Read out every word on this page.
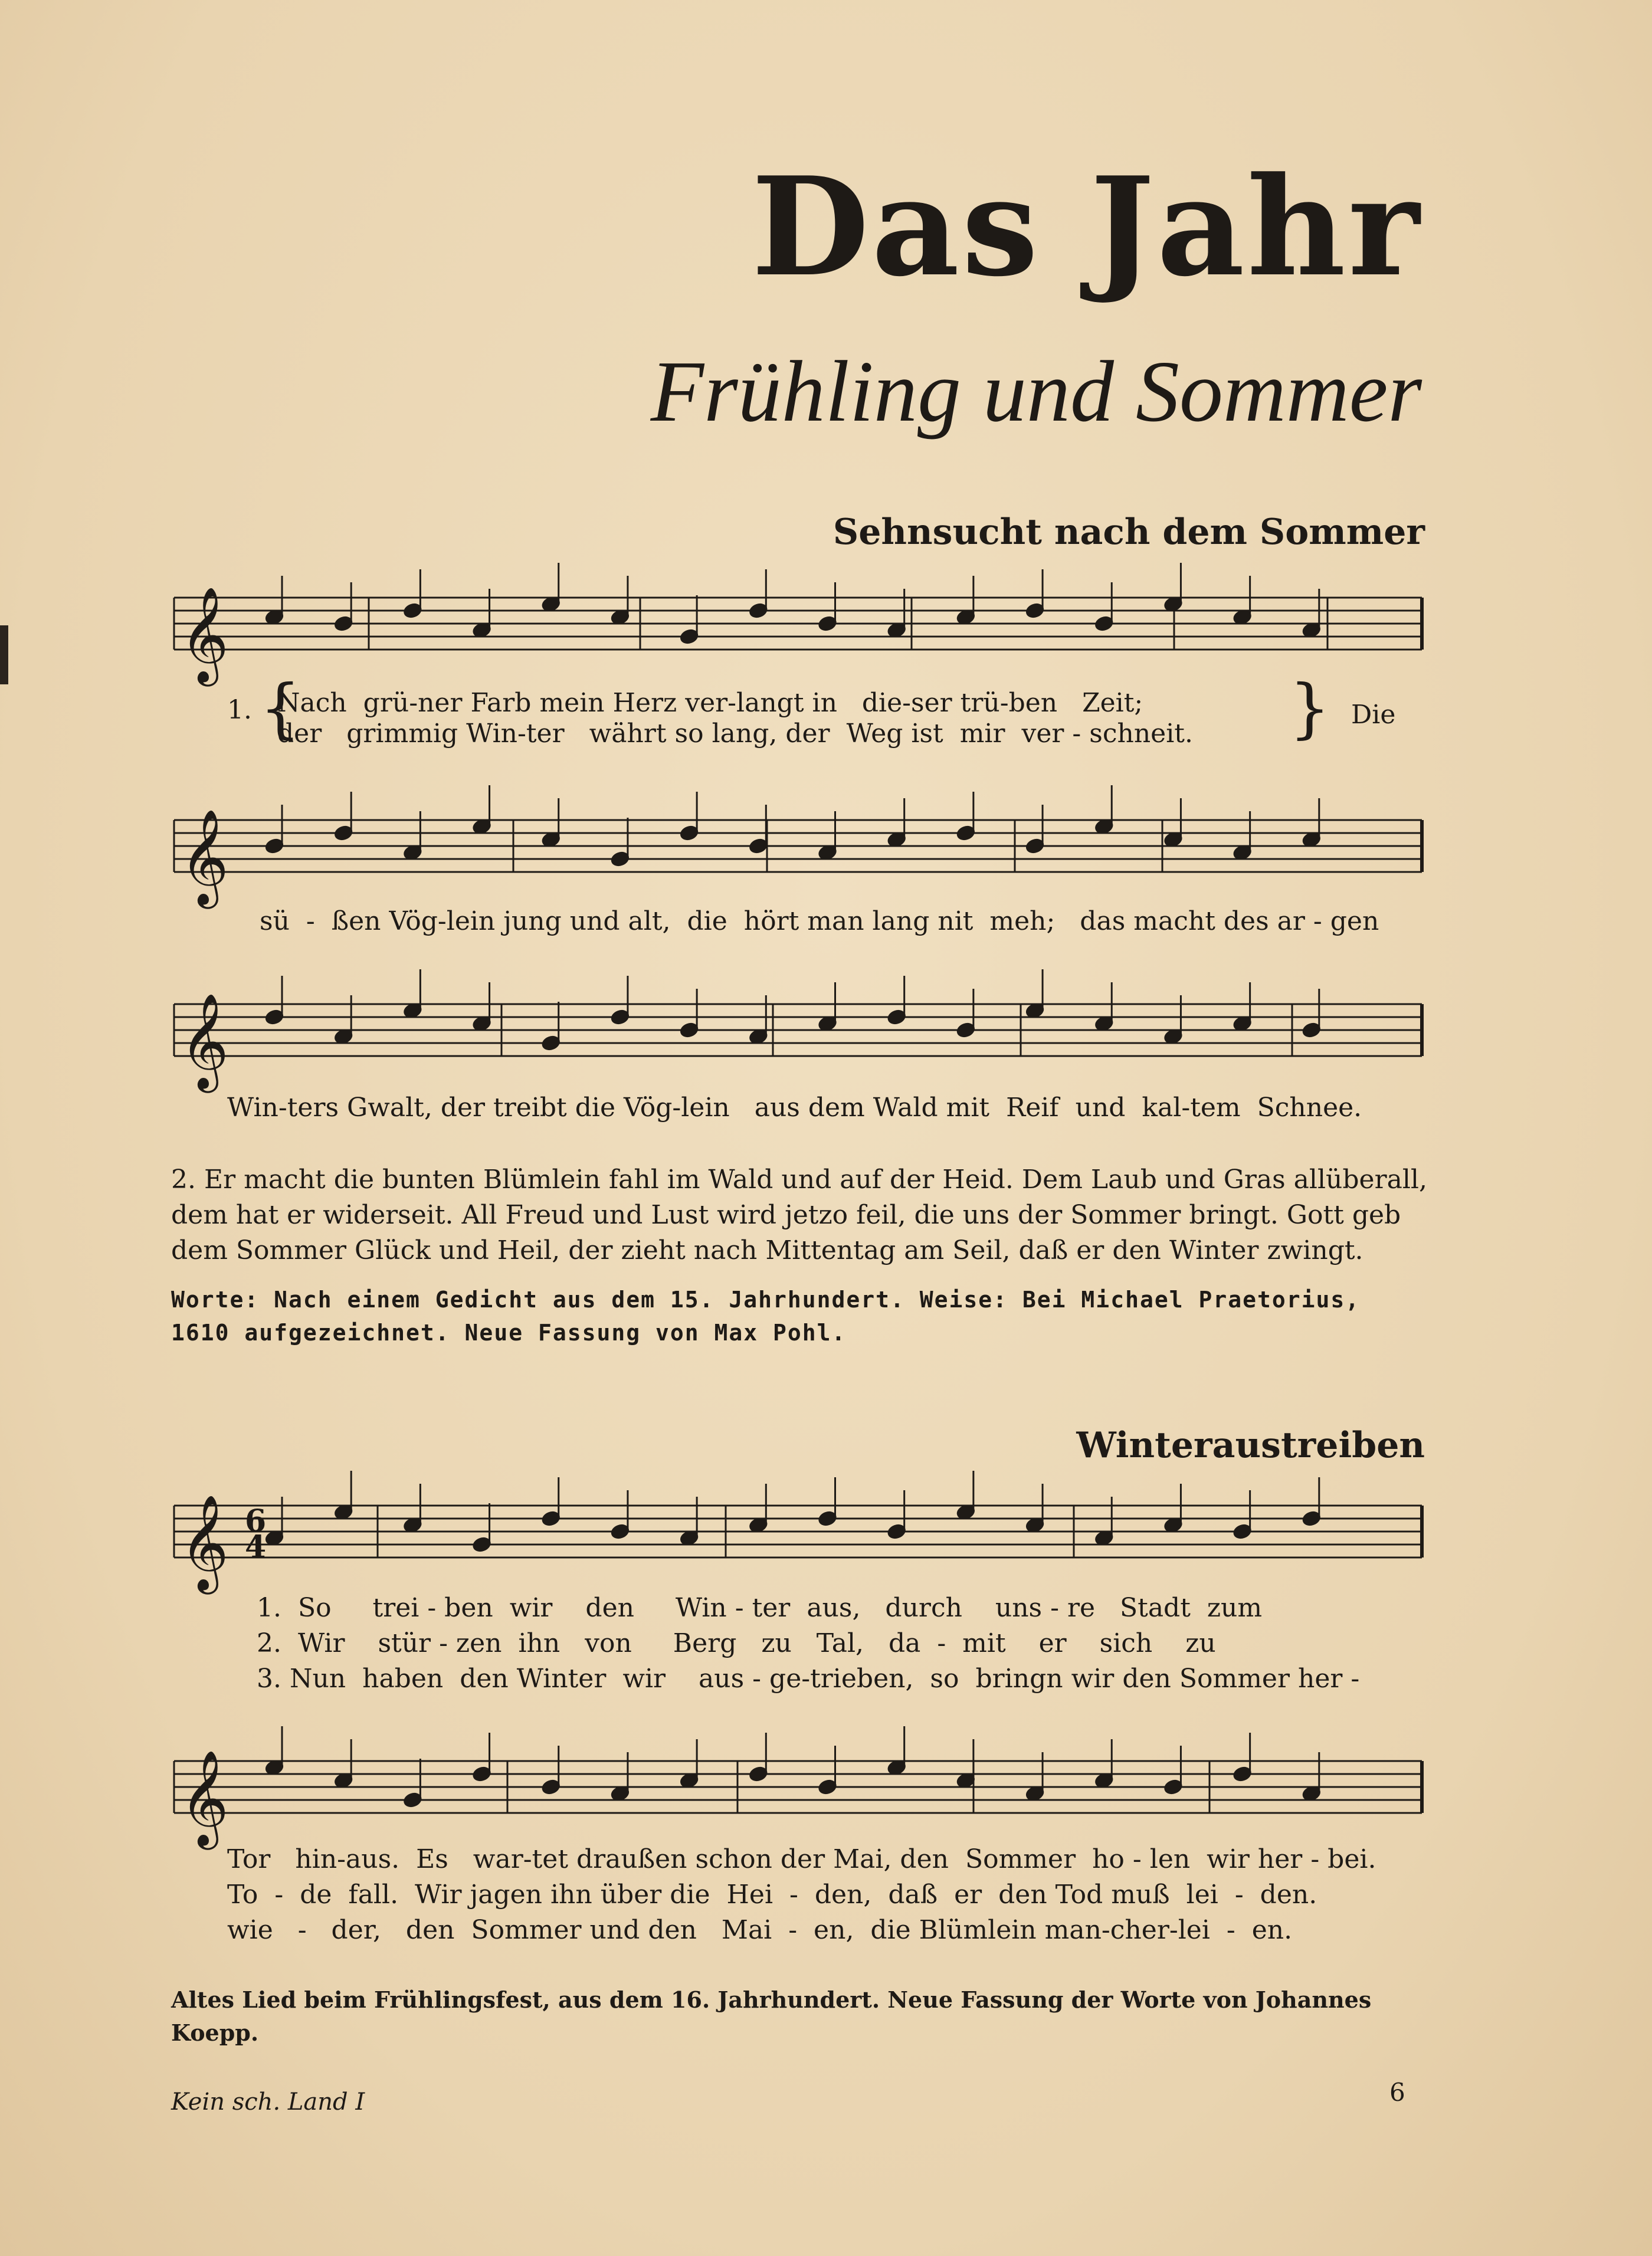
Das Jahr
Frühling und Sommer
Sehnsucht nach dem Sommer
𝄞
𝄞
𝄞
𝄞
𝄞
6
4
1. {
Nach  grü-ner Farb mein Herz ver-langt in   die-ser trü-ben   Zeit;
der   grimmig Win-ter   währt so lang, der  Weg ist  mir  ver - schneit. } Die
sü  -  ßen Vög-lein jung und alt,  die  hört man lang nit  meh;   das macht des ar - gen
Win-ters Gwalt, der treibt die Vög-lein   aus dem Wald mit  Reif  und  kal-tem  Schnee.
2. Er macht die bunten Blümlein fahl im Wald und auf der Heid. Dem Laub und Gras allüberall, dem hat er widerseit. All Freud und Lust wird jetzo feil, die uns der Sommer bringt. Gott geb dem Sommer Glück und Heil, der zieht nach Mittentag am Seil, daß er den Winter zwingt.
Worte: Nach einem Gedicht aus dem 15. Jahrhundert. Weise: Bei Michael Praetorius, 1610 aufgezeichnet. Neue Fassung von Max Pohl.
Winteraustreiben
1.  So     trei - ben  wir    den     Win - ter  aus,   durch    uns - re   Stadt  zum
2.  Wir    stür - zen  ihn   von     Berg   zu   Tal,   da  -  mit    er    sich    zu
3. Nun  haben  den Winter  wir    aus - ge-trieben,  so  bringn wir den Sommer her -
Tor   hin-aus.  Es   war-tet draußen schon der Mai, den  Sommer  ho - len  wir her - bei.
To  -  de  fall.  Wir jagen ihn über die  Hei  -  den,  daß  er  den Tod muß  lei  -  den.
wie   -   der,   den  Sommer und den   Mai  -  en,  die Blümlein man-cher-lei  -  en.
Altes Lied beim Frühlingsfest, aus dem 16. Jahrhundert. Neue Fassung der Worte von Johannes Koepp.
Kein sch. Land I	6
